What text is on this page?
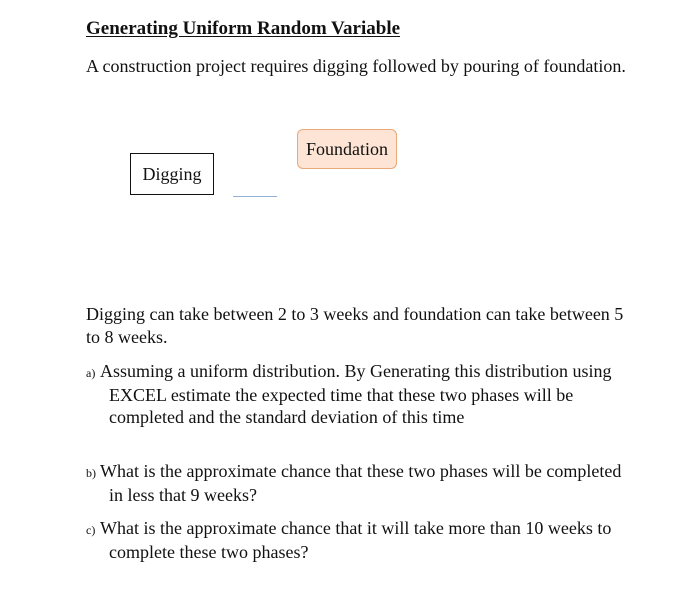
Generating Uniform Random Variable
A construction project requires digging followed by pouring of foundation.
Digging
Foundation
Digging can take between 2 to 3 weeks and foundation can take between 5 to 8 weeks.
a) Assuming a uniform distribution. By Generating this distribution using EXCEL estimate the expected time that these two phases will be completed and the standard deviation of this time
b) What is the approximate chance that these two phases will be completed in less that 9 weeks?
c) What is the approximate chance that it will take more than 10 weeks to complete these two phases?
